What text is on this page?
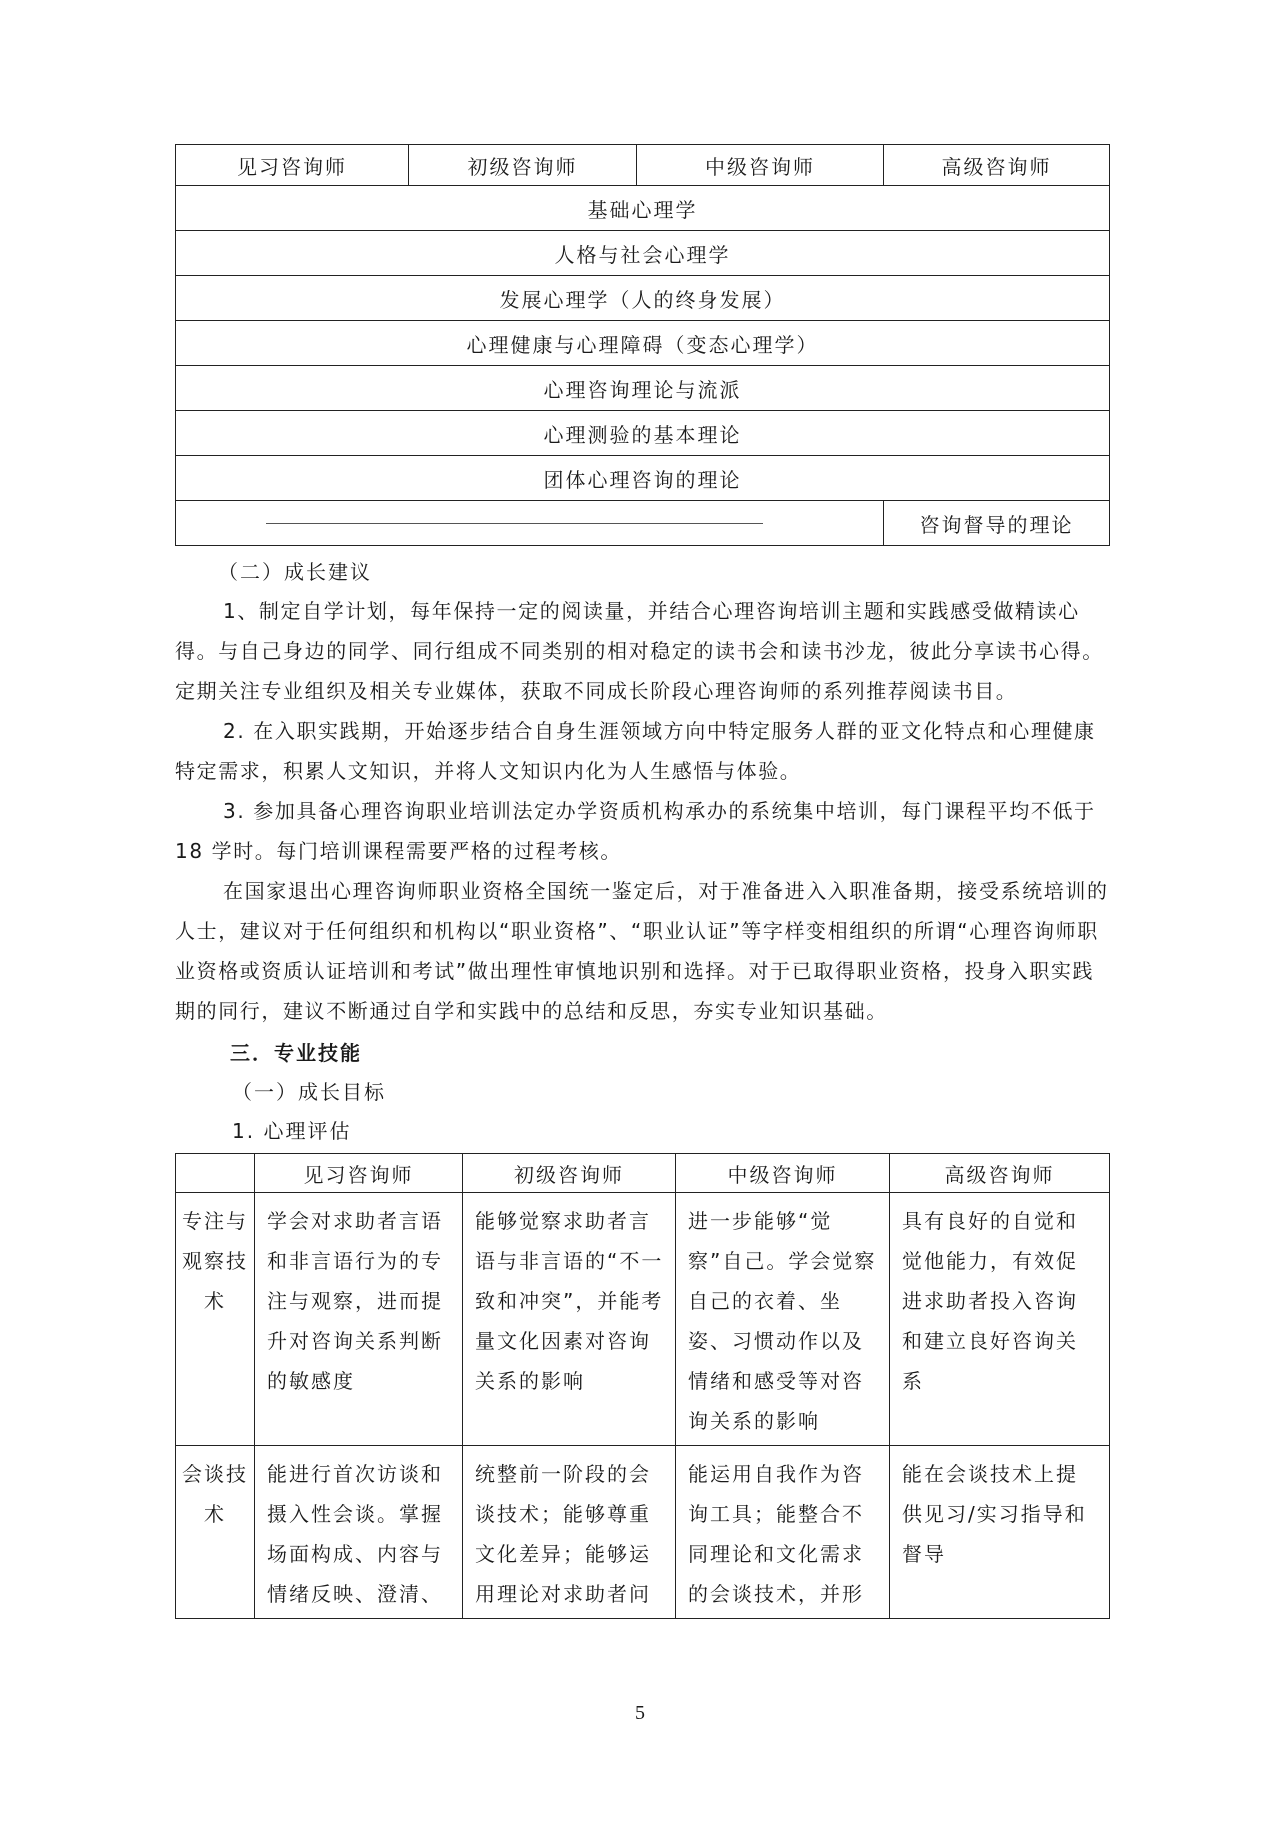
见习咨询师	初级咨询师	中级咨询师	高级咨询师
基础心理学			
人格与社会心理学			
发展心理学（人的终身发展）			
心理健康与心理障碍（变态心理学）			
心理咨询理论与流派			
心理测验的基本理论			
团体心理咨询的理论			

			咨询督导的理论
（二）成长建议

1、制定自学计划，每年保持一定的阅读量，并结合心理咨询培训主题和实践感受做精读心得。与自己身边的同学、同行组成不同类别的相对稳定的读书会和读书沙龙，彼此分享读书心得。定期关注专业组织及相关专业媒体，获取不同成长阶段心理咨询师的系列推荐阅读书目。

2. 在入职实践期，开始逐步结合自身生涯领域方向中特定服务人群的亚文化特点和心理健康特定需求，积累人文知识，并将人文知识内化为人生感悟与体验。

3. 参加具备心理咨询职业培训法定办学资质机构承办的系统集中培训，每门课程平均不低于 18 学时。每门培训课程需要严格的过程考核。

在国家退出心理咨询师职业资格全国统一鉴定后，对于准备进入入职准备期，接受系统培训的人士，建议对于任何组织和机构以“职业资格”、“职业认证”等字样变相组织的所谓“心理咨询师职业资格或资质认证培训和考试”做出理性审慎地识别和选择。对于已取得职业资格，投身入职实践期的同行，建议不断通过自学和实践中的总结和反思，夯实专业知识基础。

三．专业技能
（一）成长目标
1. 心理评估
	见习咨询师	初级咨询师	中级咨询师	高级咨询师
专注与观察技术	学会对求助者言语和非言语行为的专注与观察，进而提升对咨询关系判断的敏感度	能够觉察求助者言语与非言语的“不一致和冲突”，并能考量文化因素对咨询关系的影响	进一步能够“觉察”自己。学会觉察自己的衣着、坐姿、习惯动作以及情绪和感受等对咨询关系的影响	具有良好的自觉和觉他能力，有效促进求助者投入咨询和建立良好咨询关系
会谈技术	能进行首次访谈和摄入性会谈。掌握场面构成、内容与情绪反映、澄清、	统整前一阶段的会谈技术；能够尊重文化差异；能够运用理论对求助者问	能运用自我作为咨询工具；能整合不同理论和文化需求的会谈技术，并形	能在会谈技术上提供见习/实习指导和督导
5
